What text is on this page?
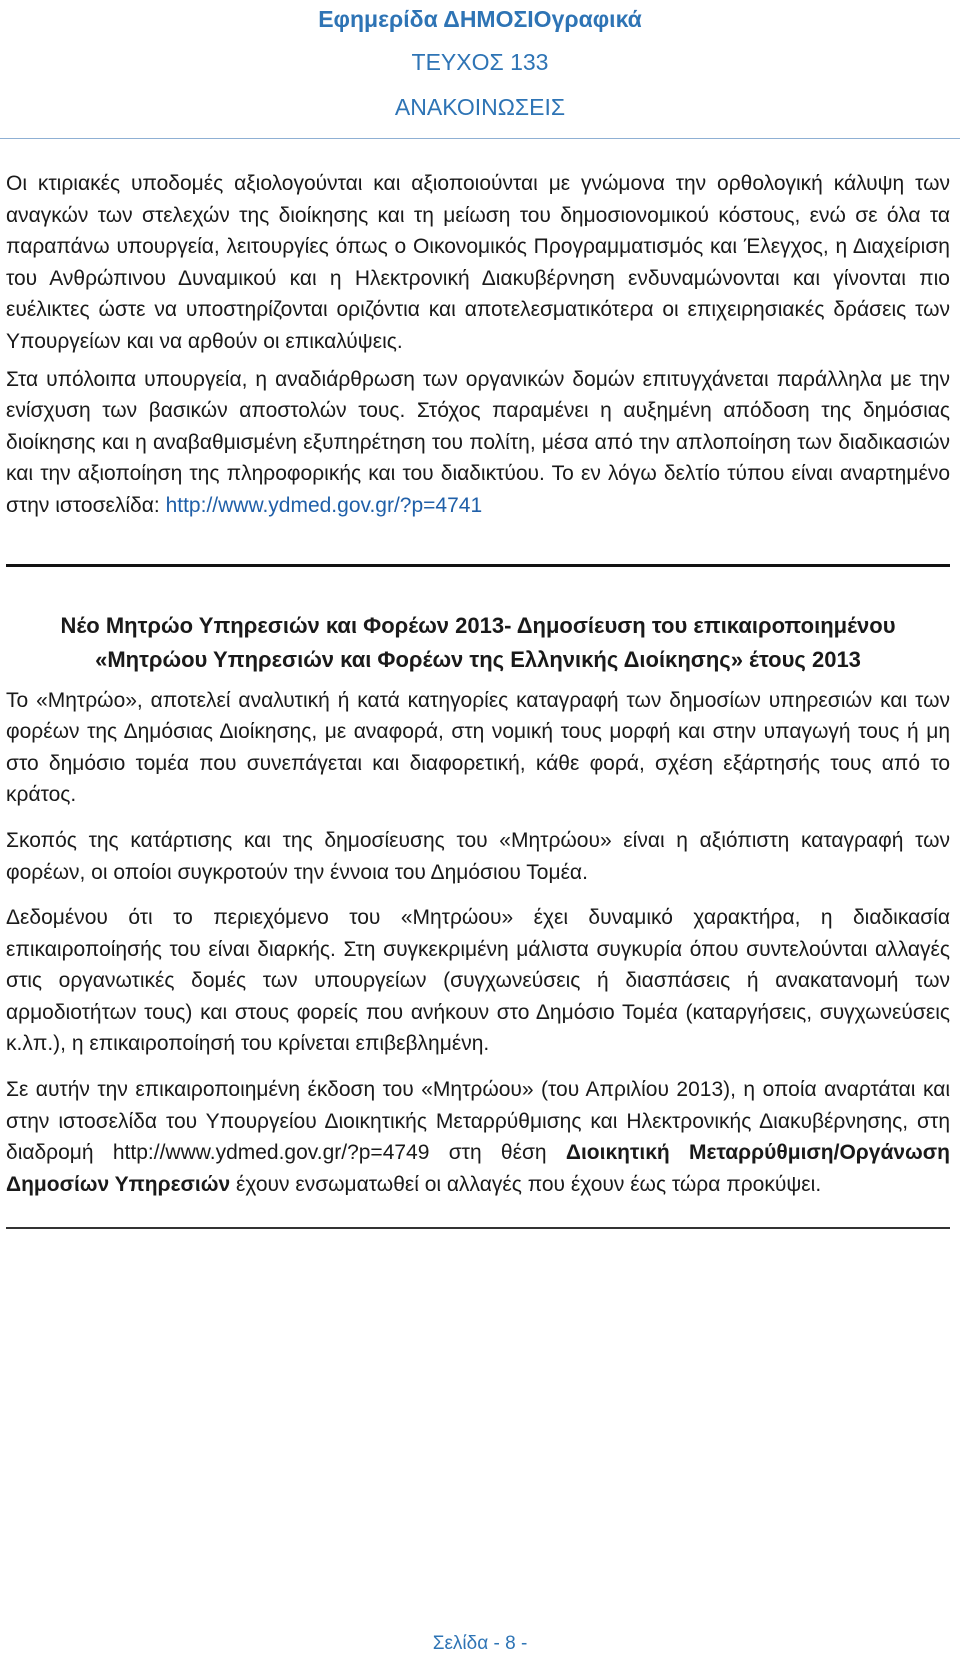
Εφημερίδα ΔΗΜΟΣΙΟγραφικά
ΤΕΥΧΟΣ 133
ΑΝΑΚΟΙΝΩΣΕΙΣ

Οι κτιριακές υποδομές αξιολογούνται και αξιοποιούνται με γνώμονα την ορθολογική κάλυψη των αναγκών των στελεχών της διοίκησης και τη μείωση του δημοσιονομικού κόστους, ενώ σε όλα τα παραπάνω υπουργεία, λειτουργίες όπως ο Οικονομικός Προγραμματισμός και Έλεγχος, η Διαχείριση του Ανθρώπινου Δυναμικού και η Ηλεκτρονική Διακυβέρνηση ενδυναμώνονται και γίνονται πιο ευέλικτες ώστε να υποστηρίζονται οριζόντια και αποτελεσματικότερα οι επιχειρησιακές δράσεις των Υπουργείων και να αρθούν οι επικαλύψεις.

Στα υπόλοιπα υπουργεία, η αναδιάρθρωση των οργανικών δομών επιτυγχάνεται παράλληλα με την ενίσχυση των βασικών αποστολών τους. Στόχος παραμένει η αυξημένη απόδοση της δημόσιας διοίκησης και η αναβαθμισμένη εξυπηρέτηση του πολίτη, μέσα από την απλοποίηση των διαδικασιών και την αξιοποίηση της πληροφορικής και του διαδικτύου. Το εν λόγω δελτίο τύπου είναι αναρτημένο στην ιστοσελίδα: http://www.ydmed.gov.gr/?p=4741

Νέο Μητρώο Υπηρεσιών και Φορέων 2013- Δημοσίευση του επικαιροποιημένου «Μητρώου Υπηρεσιών και Φορέων της Ελληνικής Διοίκησης» έτους 2013

Το «Μητρώο», αποτελεί αναλυτική ή κατά κατηγορίες καταγραφή των δημοσίων υπηρεσιών και των φορέων της Δημόσιας Διοίκησης, με αναφορά, στη νομική τους μορφή και στην υπαγωγή τους ή μη στο δημόσιο τομέα που συνεπάγεται και διαφορετική, κάθε φορά, σχέση εξάρτησής τους από το κράτος.

Σκοπός της κατάρτισης και της δημοσίευσης του «Μητρώου» είναι η αξιόπιστη καταγραφή των φορέων, οι οποίοι συγκροτούν την έννοια του Δημόσιου Τομέα.

Δεδομένου ότι το περιεχόμενο του «Μητρώου» έχει δυναμικό χαρακτήρα, η διαδικασία επικαιροποίησής του είναι διαρκής. Στη συγκεκριμένη μάλιστα συγκυρία όπου συντελούνται αλλαγές στις οργανωτικές δομές των υπουργείων (συγχωνεύσεις ή διασπάσεις ή ανακατανομή των αρμοδιοτήτων τους) και στους φορείς που ανήκουν στο Δημόσιο Τομέα (καταργήσεις, συγχωνεύσεις κ.λπ.), η επικαιροποίησή του κρίνεται επιβεβλημένη.

Σε αυτήν την επικαιροποιημένη έκδοση του «Μητρώου» (του Απριλίου 2013), η οποία αναρτάται και στην ιστοσελίδα του Υπουργείου Διοικητικής Μεταρρύθμισης και Ηλεκτρονικής Διακυβέρνησης, στη διαδρομή http://www.ydmed.gov.gr/?p=4749 στη θέση Διοικητική Μεταρρύθμιση/Οργάνωση Δημοσίων Υπηρεσιών έχουν ενσωματωθεί οι αλλαγές που έχουν έως τώρα προκύψει.

Σελίδα - 8 -
